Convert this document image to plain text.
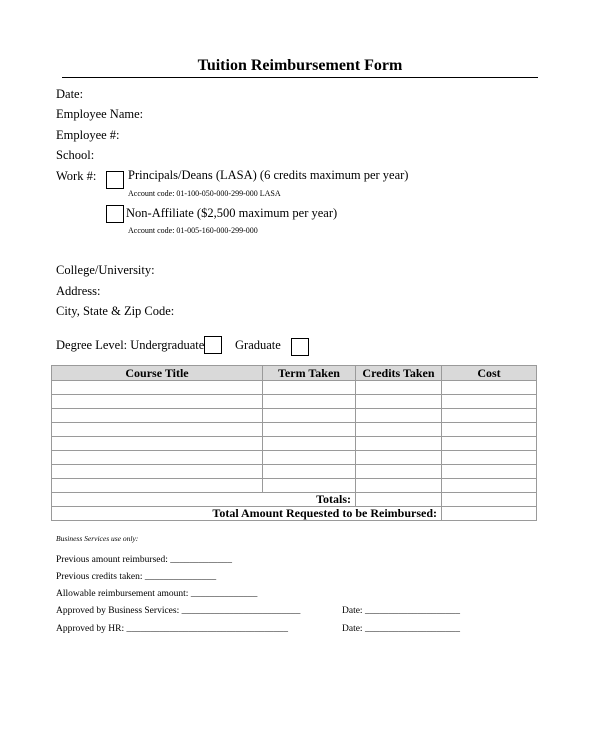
Tuition Reimbursement Form
Date:
Employee Name:
Employee #:
School:
Work #:	Principals/Deans (LASA) (6 credits maximum per year)
Account code: 01-100-050-000-299-000 LASA
Non-Affiliate ($2,500 maximum per year)
Account code: 01-005-160-000-299-000
College/University:
Address:
City, State & Zip Code:
Degree Level: Undergraduate Graduate
Course Title	Term Taken	Credits Taken	Cost

Totals:			
Total Amount Requested to be Reimbursed:			
Business Services use only:
Previous amount reimbursed: _____________
Previous credits taken: _______________
Allowable reimbursement amount: ______________
Approved by Business Services: _________________________	Date: ____________________
Approved by HR: __________________________________	Date: ____________________
